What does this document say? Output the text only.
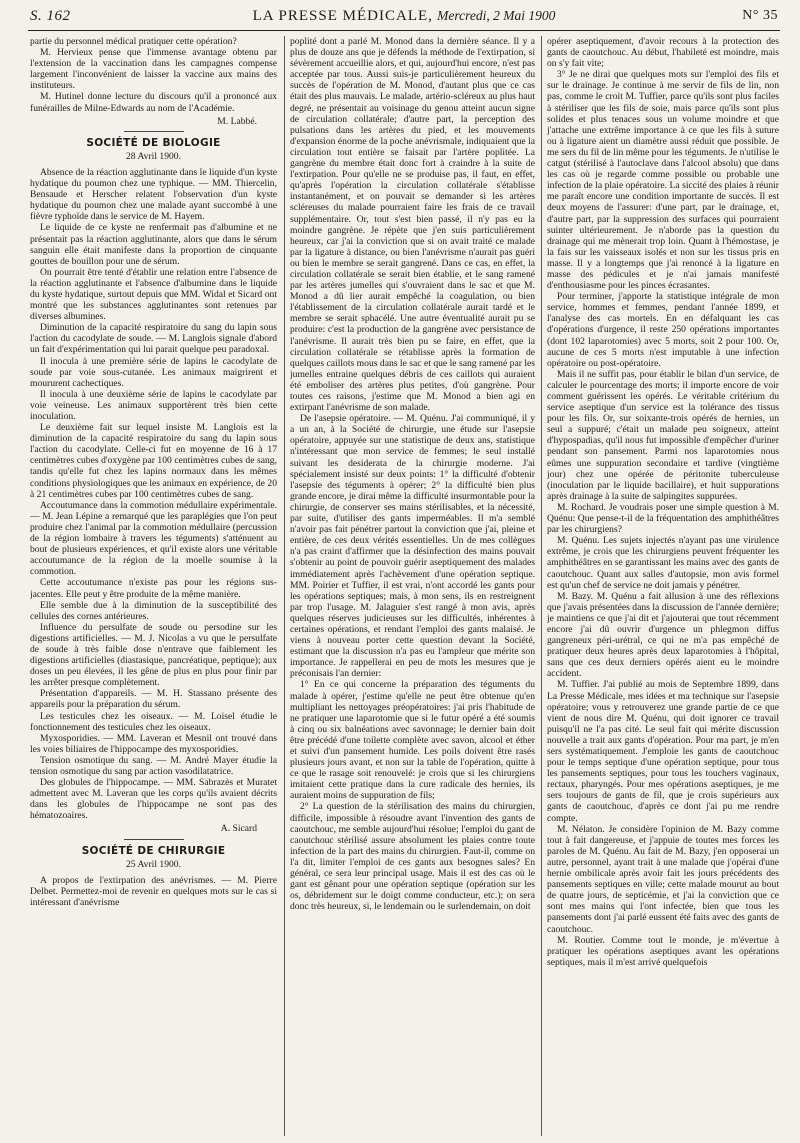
S. 162	LA PRESSE MÉDICALE, Mercredi, 2 Mai 1900	N° 35

partie du personnel médical pratiquer cette opération?

M. Hervieux pense que l'immense avantage obtenu par l'extension de la vaccination dans les campagnes compense largement l'inconvénient de laisser la vaccine aux mains des instituteurs.

M. Hutinel donne lecture du discours qu'il a prononcé aux funérailles de Milne-Edwards au nom de l'Académie.

M. Labbé.

SOCIÉTÉ DE BIOLOGIE
28 Avril 1900.

Absence de la réaction agglutinante dans le liquide d'un kyste hydatique du poumon chez une typhique. — MM. Thiercelin, Bensaude et Herscher relatent l'observation d'un kyste hydatique du poumon chez une malade ayant succombé à une fièvre typhoïde dans le service de M. Hayem.

Le liquide de ce kyste ne renfermait pas d'albumine et ne présentait pas la réaction agglutinante, alors que dans le sérum sanguin elle était manifeste dans la proportion de cinquante gouttes de bouillon pour une de sérum.

On pourrait être tenté d'établir une relation entre l'absence de la réaction agglutinante et l'absence d'albumine dans le liquide du kyste hydatique, surtout depuis que MM. Widal et Sicard ont montré que les substances agglutinantes sont retenues par diverses albumines.

Diminution de la capacité respiratoire du sang du lapin sous l'action du cacodylate de soude. — M. Langlois signale d'abord un fait d'expérimentation qui lui parait quelque peu paradoxal.

Il inocula à une première série de lapins le cacodylate de soude par voie sous-cutanée. Les animaux maigrirent et moururent cachectiques.

Il inocula à une deuxième série de lapins le cacodylate par voie veineuse. Les animaux supportèrent très bien cette inoculation.

Le deuxième fait sur lequel insiste M. Langlois est la diminution de la capacité respiratoire du sang du lapin sous l'action du cacodylate. Celle-ci fut en moyenne de 16 à 17 centimètres cubes d'oxygène par 100 centimètres cubes de sang, tandis qu'elle fut chez les lapins normaux dans les mêmes conditions physiologiques que les animaux en expérience, de 20 à 21 centimètres cubes par 100 centimètres cubes de sang.

Accoutumance dans la commotion médullaire expérimentale. — M. Jean Lépine a remarqué que les paraplégies que l'on peut produire chez l'animal par la commotion médullaire (percussion de la région lombaire à travers les téguments) s'atténuent au bout de plusieurs expériences, et qu'il existe alors une véritable accoutumance de la région de la moelle soumise à la commotion.

Cette accoutumance n'existe pas pour les régions sus-jacentes. Elle peut y être produite de la même manière.

Elle semble due à la diminution de la susceptibilité des cellules des cornes antérieures.

Influence du persulfate de soude ou persodine sur les digestions artificielles. — M. J. Nicolas a vu que le persulfate de soude à très faible dose n'entrave que faiblement les digestions artificielles (diastasique, pancréatique, peptique); aux doses un peu élevées, il les gêne de plus en plus pour finir par les arrêter presque complètement.

Présentation d'appareils. — M. H. Stassano présente des appareils pour la préparation du sérum.

Les testicules chez les oiseaux. — M. Loisel étudie le fonctionnement des testicules chez les oiseaux.

Myxosporidies. — MM. Laveran et Mesnil ont trouvé dans les voies biliaires de l'hippocampe des myxosporidies.

Tension osmotique du sang. — M. André Mayer étudie la tension osmotique du sang par action vasodilatatrice.

Des globules de l'hippocampe. — MM. Sabrazès et Muratet admettent avec M. Laveran que les corps qu'ils avaient décrits dans les globules de l'hippocampe ne sont pas des hématozoaires.

A. Sicard

SOCIÉTÉ DE CHIRURGIE
25 Avril 1900.

A propos de l'extirpation des anévrismes. — M. Pierre Delbet. Permettez-moi de revenir en quelques mots sur le cas si intéressant d'anévrisme

poplité dont a parlé M. Monod dans la dernière séance. Il y a plus de douze ans que je défends la méthode de l'extirpation, si sévèrement accueillie alors, et qui, aujourd'hui encore, n'est pas acceptée par tous. Aussi suis-je particulièrement heureux du succès de l'opération de M. Monod, d'autant plus que ce cas était des plus mauvais. Le malade, artério-scléreux au plus haut degré, ne présentait au voisinage du genou atteint aucun signe de circulation collatérale; d'autre part, la perception des pulsations dans les artères du pied, et les mouvements d'expansion énorme de la poche anévrismale, indiquaient que la circulation tout entière se faisait par l'artère poplitée. La gangrène du membre était donc fort à craindre à la suite de l'extirpation. Pour qu'elle ne se produise pas, il faut, en effet, qu'après l'opération la circulation collatérale s'établisse instantanément, et on pouvait se demander si les artères scléreuses du malade pourraient faire les frais de ce travail supplémentaire. Or, tout s'est bien passé, il n'y pas eu la moindre gangrène. Je répète que j'en suis particulièrement heureux, car j'ai la conviction que si on avait traité ce malade par la ligature à distance, ou bien l'anévrisme n'aurait pas guéri ou bien le membre se serait gangrené. Dans ce cas, en effet, la circulation collatérale se serait bien établie, et le sang ramené par les artères jumelles qui s'ouvraient dans le sac et que M. Monod a dû lier aurait empêché la coagulation, ou bien l'établissement de la circulation collatérale aurait tardé et le membre se serait sphacélé. Une autre éventualité aurait pu se produire: c'est la production de la gangrène avec persistance de l'anévrisme. Il aurait très bien pu se faire, en effet, que la circulation collatérale se rétablisse après la formation de quelques caillots mous dans le sac et que le sang ramené par les jumelles entraine quelques débris de ces caillots qui auraient été emboliser des artères plus petites, d'où gangrène. Pour toutes ces raisons, j'estime que M. Monod a bien agi en extirpant l'anévrisme de son malade.

De l'asepsie opératoire. — M. Quénu. J'ai communiqué, il y a un an, à la Société de chirurgie, une étude sur l'asepsie opératoire, appuyée sur une statistique de deux ans, statistique n'intéressant que mon service de femmes; le seul installé suivant les desiderata de la chirurgie moderne. J'ai spécialement insisté sur deux points: 1° la difficulté d'obtenir l'asepsie des téguments à opérer; 2° la difficulté bien plus grande encore, je dirai même la difficulté insurmontable pour la chirurgie, de conserver ses mains stérilisables, et la nécessité, par suite, d'utiliser des gants imperméables. Il m'a semblé n'avoir pas fait pénétrer partout la conviction que j'ai, pleine et entière, de ces deux vérités essentielles. Un de mes collègues n'a pas craint d'affirmer que la désinfection des mains pouvait s'obtenir au point de pouvoir guérir aseptiquement des malades immédiatement après l'achèvement d'une opération septique. MM. Poirier et Tuffier, il est vrai, n'ont accordé les gants pour les opérations septiques; mais, à mon sens, ils en restreignent par trop l'usage. M. Jalaguier s'est rangé à mon avis, après quelques réserves judicieuses sur les difficultés, inhérentes à certaines opérations, et rendant l'emploi des gants malaisé. Je viens à nouveau porter cette question devant la Société, estimant que la discussion n'a pas eu l'ampleur que mérite son importance. Je rappellerai en peu de mots les mesures que je préconisais l'an dernier:

1° En ce qui concerne la préparation des téguments du malade à opérer, j'estime qu'elle ne peut être obtenue qu'en multipliant les nettoyages préopératoires: j'ai pris l'habitude de ne pratiquer une laparotomie que si le futur opéré a été soumis à cinq ou six balnéations avec savonnage; le dernier bain doit être précédé d'une toilette complète avec savon, alcool et éther et suivi d'un pansement humide. Les poils doivent être rasés plusieurs jours avant, et non sur la table de l'opération, quitte à ce que le rasage soit renouvelé: je crois que si les chirurgiens imitaient cette pratique dans la cure radicale des hernies, ils auraient moins de suppuration de fils;

2° La question de la stérilisation des mains du chirurgien, difficile, impossible à résoudre avant l'invention des gants de caoutchouc, me semble aujourd'hui résolue; l'emploi du gant de caoutchouc stérilisé assure absolument les plaies contre toute infection de la part des mains du chirurgien. Faut-il, comme on l'a dit, limiter l'emploi de ces gants aux besognes sales? En général, ce sera leur principal usage. Mais il est des cas où le gant est gênant pour une opération septique (opération sur les os, débridement sur le doigt comme conducteur, etc.); on sera donc très heureux, si, le lendemain ou le surlendemain, on doit

opérer aseptiquement, d'avoir recours à la protection des gants de caoutchouc. Au début, l'habileté est moindre, mais on s'y fait vite;

3° Je ne dirai que quelques mots sur l'emploi des fils et sur le drainage. Je continue à me servir de fils de lin, non pas, comme le croit M. Tuffier, parce qu'ils sont plus faciles à stériliser que les fils de soie, mais parce qu'ils sont plus solides et plus tenaces sous un volume moindre et que j'attache une extrême importance à ce que les fils à suture ou à ligature aient un diamètre aussi réduit que possible. Je me sers du fil de lin même pour les téguments. Je n'utilise le catgut (stérilisé à l'autoclave dans l'alcool absolu) que dans les cas où je regarde comme possible ou probable une infection de la plaie opératoire. La siccité des plaies à réunir me paraît encore une condition importante de succès. Il est deux moyens de l'assurer: d'une part, par le drainage, et, d'autre part, par la suppression des surfaces qui pourraient suinter ultérieurement. Je n'aborde pas la question du drainage qui me mènerait trop loin. Quant à l'hémostase, je la fais sur les vaisseaux isolés et non sur les tissus pris en masse. Il y a longtemps que j'ai renoncé à la ligature en masse des pédicules et je n'ai jamais manifesté d'enthousiasme pour les pinces écrasantes.

Pour terminer, j'apporte la statistique intégrale de mon service, hommes et femmes, pendant l'année 1899, et l'analyse des cas mortels. En en défalquant les cas d'opérations d'urgence, il reste 250 opérations importantes (dont 102 laparotomies) avec 5 morts, soit 2 pour 100. Or, aucune de ces 5 morts n'est imputable à une infection opératoire ou post-opératoire.

Mais il ne suffit pas, pour établir le bilan d'un service, de calculer le pourcentage des morts; il importe encore de voir comment guérissent les opérés. Le véritable critérium du service aseptique d'un service est la tolérance des tissus pour les fils. Or, sur soixante-trois opérés de hernies, un seul a suppuré; c'était un malade peu soigneux, atteint d'hypospadias, qu'il nous fut impossible d'empêcher d'uriner pendant son pansement. Parmi nos laparotomies nous eûmes une suppuration secondaire et tardive (vingtième jour) chez une opérée de péritonite tuberculeuse (inoculation par le liquide bacillaire), et huit suppurations après drainage à la suite de salpingites suppurées.

M. Rochard. Je voudrais poser une simple question à M. Quénu: Que pense-t-il de la fréquentation des amphithéâtres par les chirurgiens?

M. Quénu. Les sujets injectés n'ayant pas une virulence extrême, je crois que les chirurgiens peuvent fréquenter les amphithéâtres en se garantissant les mains avec des gants de caoutchouc. Quant aux salles d'autopsie, mon avis formel est qu'un chef de service ne doit jamais y pénétrer.

M. Bazy. M. Quénu a fait allusion à une des réflexions que j'avais présentées dans la discussion de l'année dernière; je maintiens ce que j'ai dit et j'ajouterai que tout récemment encore j'ai dû ouvrir d'urgence un phlegmon diffus gangreneux péri-urétral, ce qui ne m'a pas empêché de pratiquer deux heures après deux laparotomies à l'hôpital, sans que ces deux derniers opérés aient eu le moindre accident.

M. Tuffier. J'ai publié au mois de Septembre 1899, dans La Presse Médicale, mes idées et ma technique sur l'asepsie opératoire; vous y retrouverez une grande partie de ce que vient de nous dire M. Quénu, qui doit ignorer ce travail puisqu'il ne l'a pas cité. Le seul fait qui mérite discussion nouvelle a trait aux gants d'opération. Pour ma part, je m'en sers systématiquement. J'emploie les gants de caoutchouc pour le temps septique d'une opération septique, pour tous les pansements septiques, pour tous les touchers vaginaux, rectaux, pharyngés. Pour mes opérations aseptiques, je me sers toujours de gants de fil, que je crois supérieurs aux gants de caoutchouc, d'après ce dont j'ai pu me rendre compte.

M. Nélaton. Je considère l'opinion de M. Bazy comme tout à fait dangereuse, et j'appuie de toutes mes forces les paroles de M. Quénu. Au fait de M. Bazy, j'en opposerai un autre, personnel, ayant trait à une malade que j'opérai d'une hernie ombilicale après avoir fait les jours précédents des pansements septiques en ville; cette malade mourut au bout de quatre jours, de septicémie, et j'ai la conviction que ce sont mes mains qui l'ont infectée, bien que tous les pansements dont j'ai parlé eussent été faits avec des gants de caoutchouc.

M. Routier. Comme tout le monde, je m'évertue à pratiquer les opérations aseptiques avant les opérations septiques, mais il m'est arrivé quelquefois
